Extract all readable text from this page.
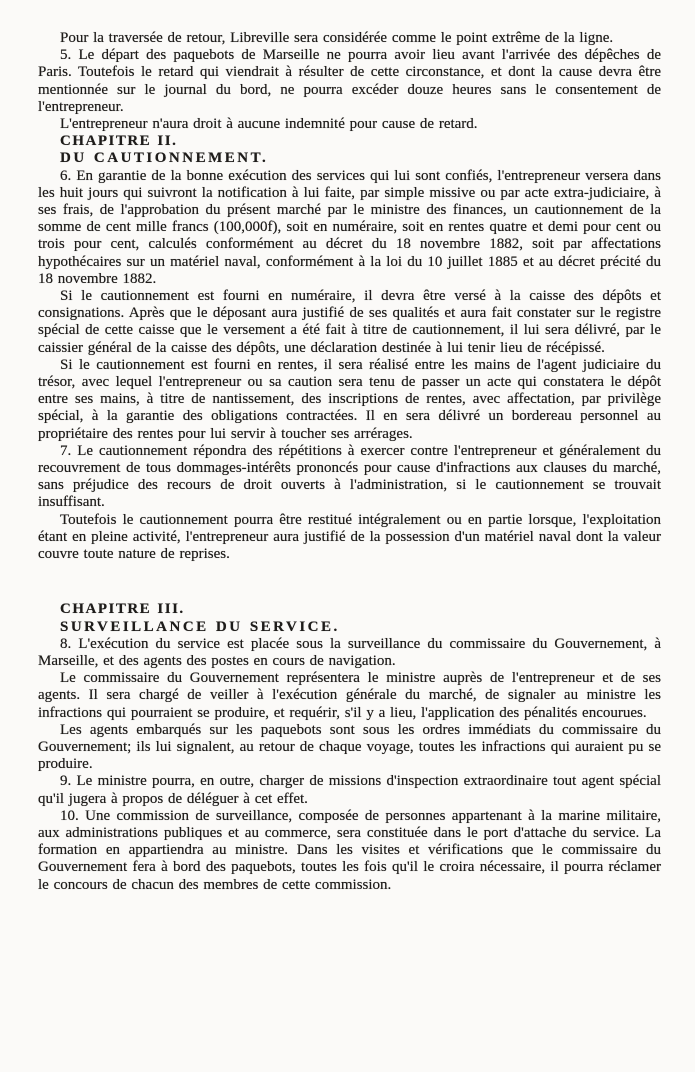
Pour la traversée de retour, Libreville sera considérée comme le point extrême de la ligne.

5. Le départ des paquebots de Marseille ne pourra avoir lieu avant l'arrivée des dépêches de Paris. Toutefois le retard qui viendrait à résulter de cette circonstance, et dont la cause devra être mentionnée sur le journal du bord, ne pourra excéder douze heures sans le consentement de l'entrepreneur.

L'entrepreneur n'aura droit à aucune indemnité pour cause de retard.

CHAPITRE II.

DU CAUTIONNEMENT.

6. En garantie de la bonne exécution des services qui lui sont confiés, l'entrepreneur versera dans les huit jours qui suivront la notification à lui faite, par simple missive ou par acte extra-judiciaire, à ses frais, de l'approbation du présent marché par le ministre des finances, un cautionnement de la somme de cent mille francs (100,000f), soit en numéraire, soit en rentes quatre et demi pour cent ou trois pour cent, calculés conformément au décret du 18 novembre 1882, soit par affectations hypothécaires sur un matériel naval, conformément à la loi du 10 juillet 1885 et au décret précité du 18 novembre 1882.

Si le cautionnement est fourni en numéraire, il devra être versé à la caisse des dépôts et consignations. Après que le déposant aura justifié de ses qualités et aura fait constater sur le registre spécial de cette caisse que le versement a été fait à titre de cautionnement, il lui sera délivré, par le caissier général de la caisse des dépôts, une déclaration destinée à lui tenir lieu de récépissé.

Si le cautionnement est fourni en rentes, il sera réalisé entre les mains de l'agent judiciaire du trésor, avec lequel l'entrepreneur ou sa caution sera tenu de passer un acte qui constatera le dépôt entre ses mains, à titre de nantissement, des inscriptions de rentes, avec affectation, par privilège spécial, à la garantie des obligations contractées. Il en sera délivré un bordereau personnel au propriétaire des rentes pour lui servir à toucher ses arrérages.

7. Le cautionnement répondra des répétitions à exercer contre l'entrepreneur et généralement du recouvrement de tous dommages-intérêts prononcés pour cause d'infractions aux clauses du marché, sans préjudice des recours de droit ouverts à l'administration, si le cautionnement se trouvait insuffisant.

Toutefois le cautionnement pourra être restitué intégralement ou en partie lorsque, l'exploitation étant en pleine activité, l'entrepreneur aura justifié de la possession d'un matériel naval dont la valeur couvre toute nature de reprises.

CHAPITRE III.

SURVEILLANCE DU SERVICE.

8. L'exécution du service est placée sous la surveillance du commissaire du Gouvernement, à Marseille, et des agents des postes en cours de navigation.

Le commissaire du Gouvernement représentera le ministre auprès de l'entrepreneur et de ses agents. Il sera chargé de veiller à l'exécution générale du marché, de signaler au ministre les infractions qui pourraient se produire, et requérir, s'il y a lieu, l'application des pénalités encourues.

Les agents embarqués sur les paquebots sont sous les ordres immédiats du commissaire du Gouvernement; ils lui signalent, au retour de chaque voyage, toutes les infractions qui auraient pu se produire.

9. Le ministre pourra, en outre, charger de missions d'inspection extraordinaire tout agent spécial qu'il jugera à propos de déléguer à cet effet.

10. Une commission de surveillance, composée de personnes appartenant à la marine militaire, aux administrations publiques et au commerce, sera constituée dans le port d'attache du service. La formation en appartiendra au ministre. Dans les visites et vérifications que le commissaire du Gouvernement fera à bord des paquebots, toutes les fois qu'il le croira nécessaire, il pourra réclamer le concours de chacun des membres de cette commission.
